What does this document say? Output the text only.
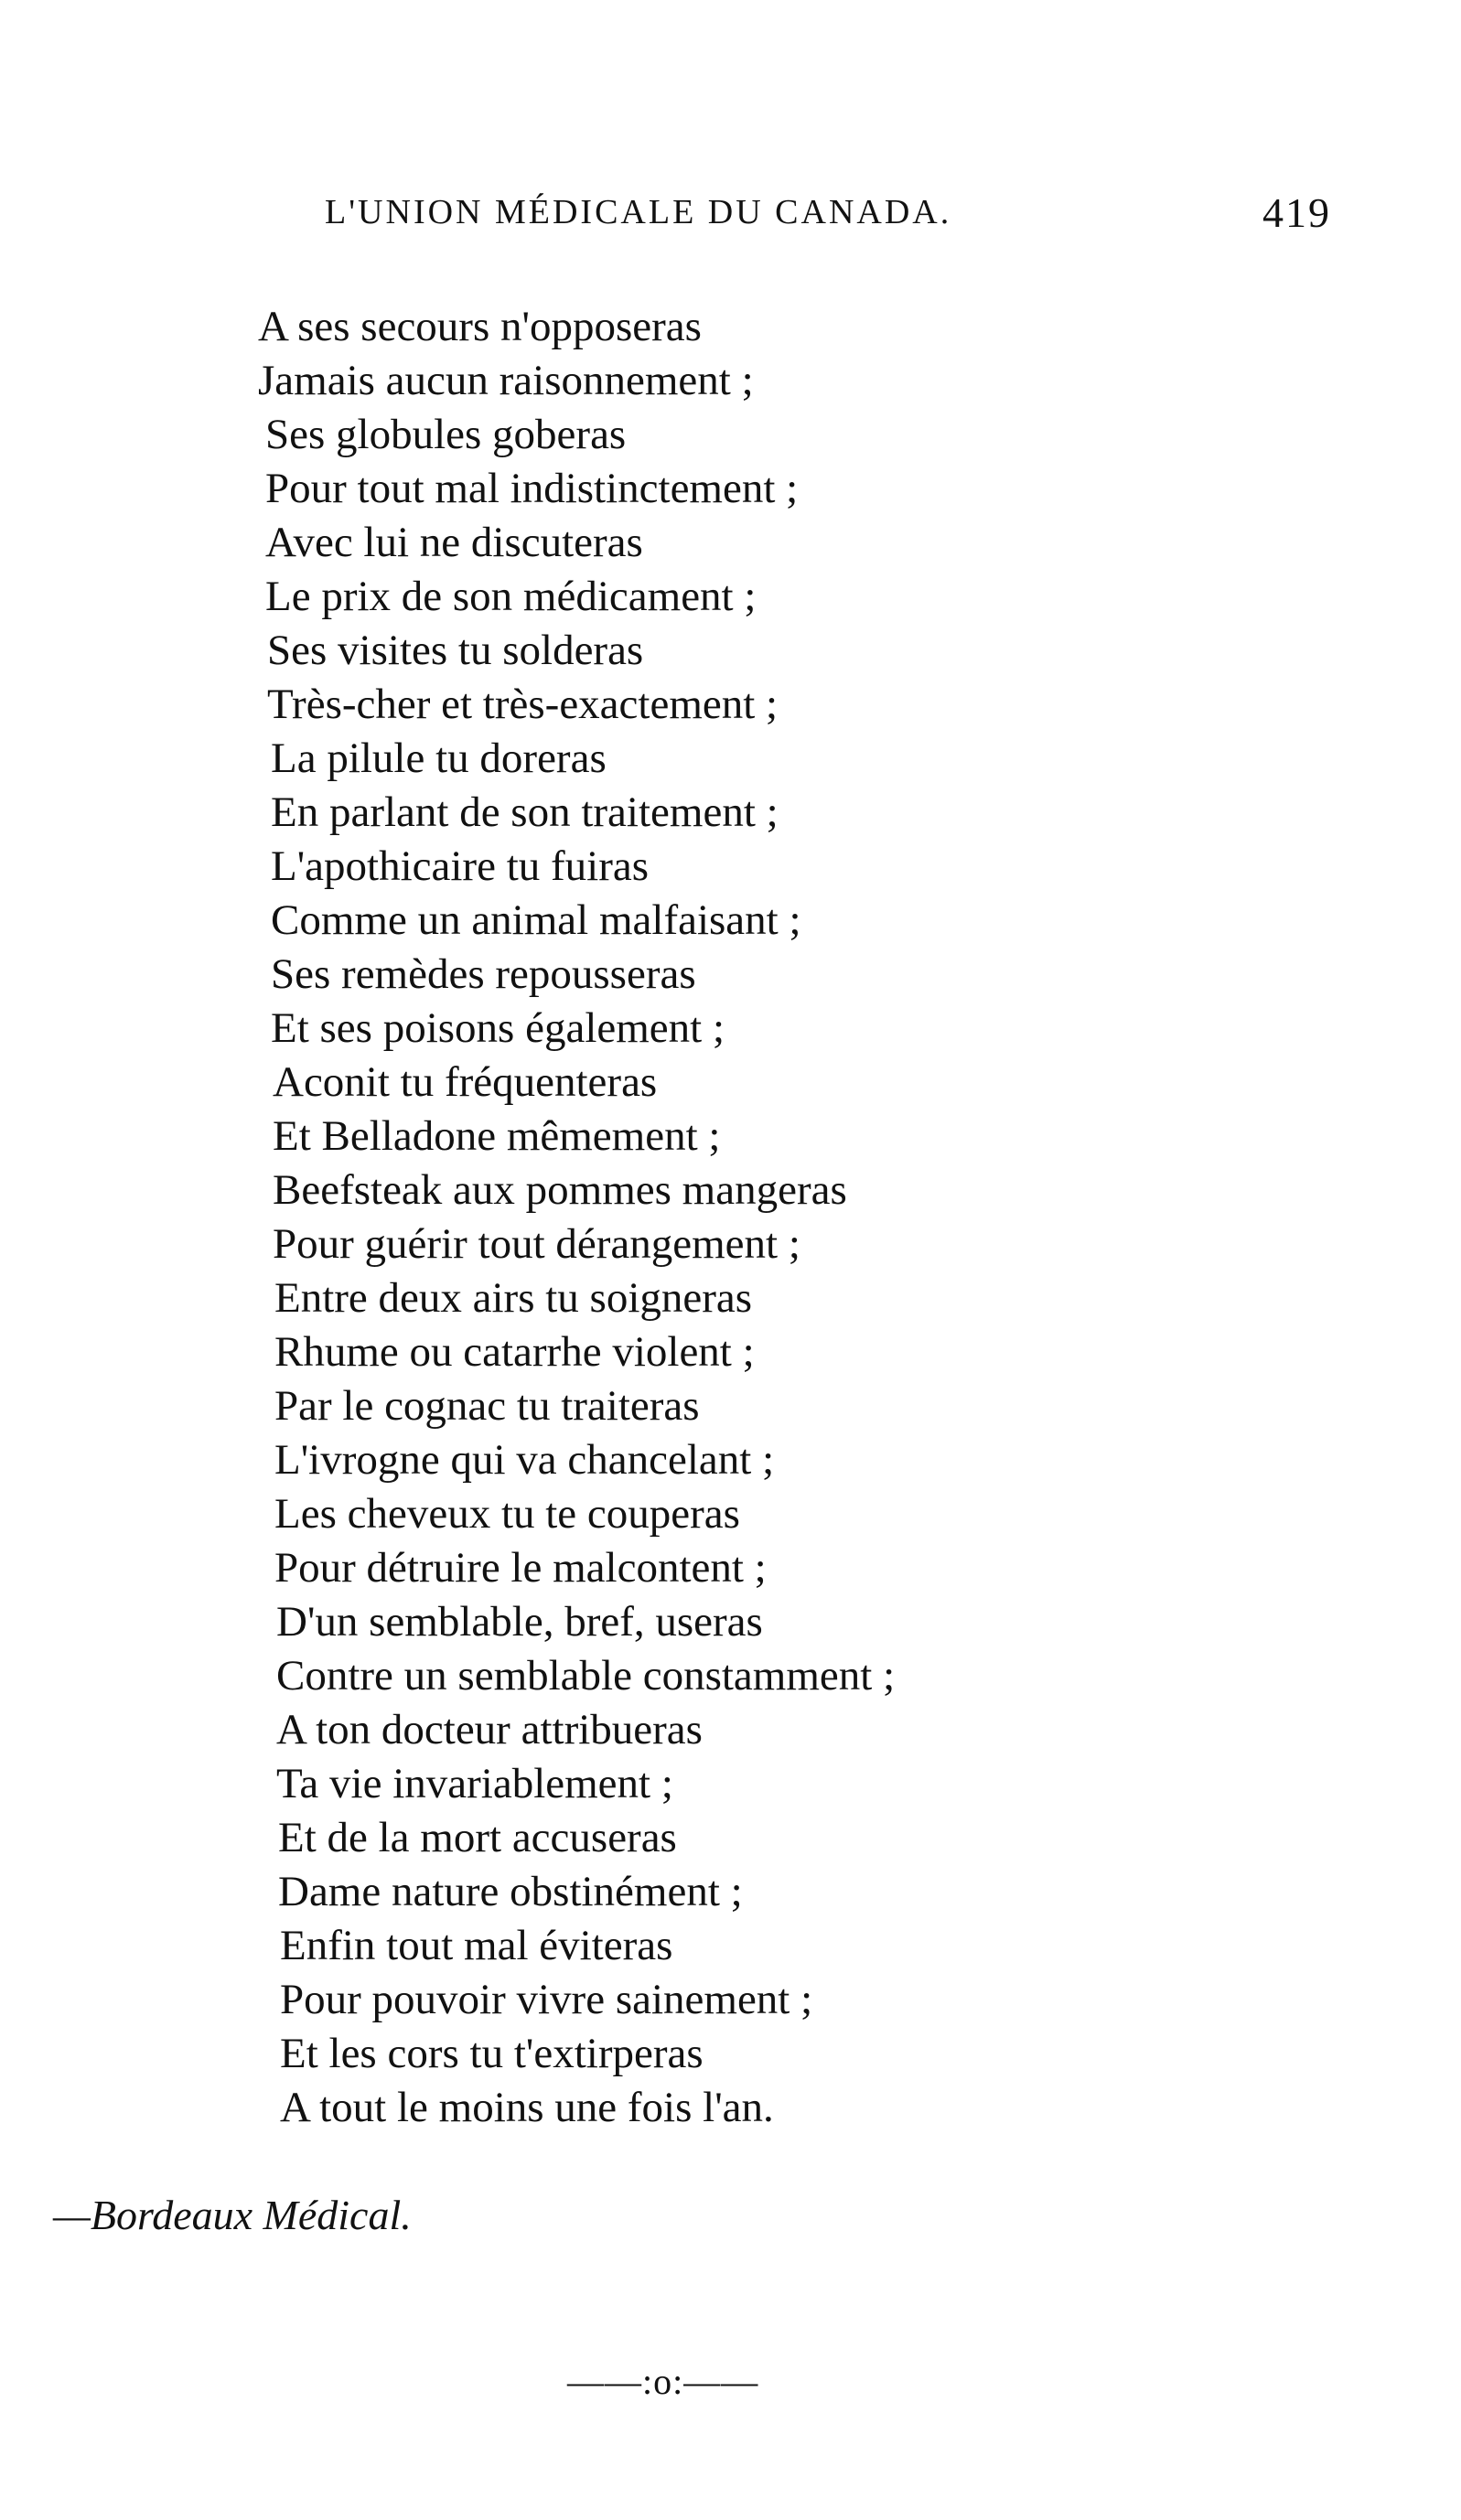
L'UNION MÉDICALE DU CANADA.	419
A ses secours n'opposeras
Jamais aucun raisonnement ;
Ses globules goberas
Pour tout mal indistinctement ;
Avec lui ne discuteras
Le prix de son médicament ;
Ses visites tu solderas
Très-cher et très-exactement ;
La pilule tu doreras
En parlant de son traitement ;
L'apothicaire tu fuiras
Comme un animal malfaisant ;
Ses remèdes repousseras
Et ses poisons également ;
Aconit tu fréquenteras
Et Belladone mêmement ;
Beefsteak aux pommes mangeras
Pour guérir tout dérangement ;
Entre deux airs tu soigneras
Rhume ou catarrhe violent ;
Par le cognac tu traiteras
L'ivrogne qui va chancelant ;
Les cheveux tu te couperas
Pour détruire le malcontent ;
D'un semblable, bref, useras
Contre un semblable constamment ;
A ton docteur attribueras
Ta vie invariablement ;
Et de la mort accuseras
Dame nature obstinément ;
Enfin tout mal éviteras
Pour pouvoir vivre sainement ;
Et les cors tu t'extirperas
A tout le moins une fois l'an.
—Bordeaux Médical.
——:o:——
